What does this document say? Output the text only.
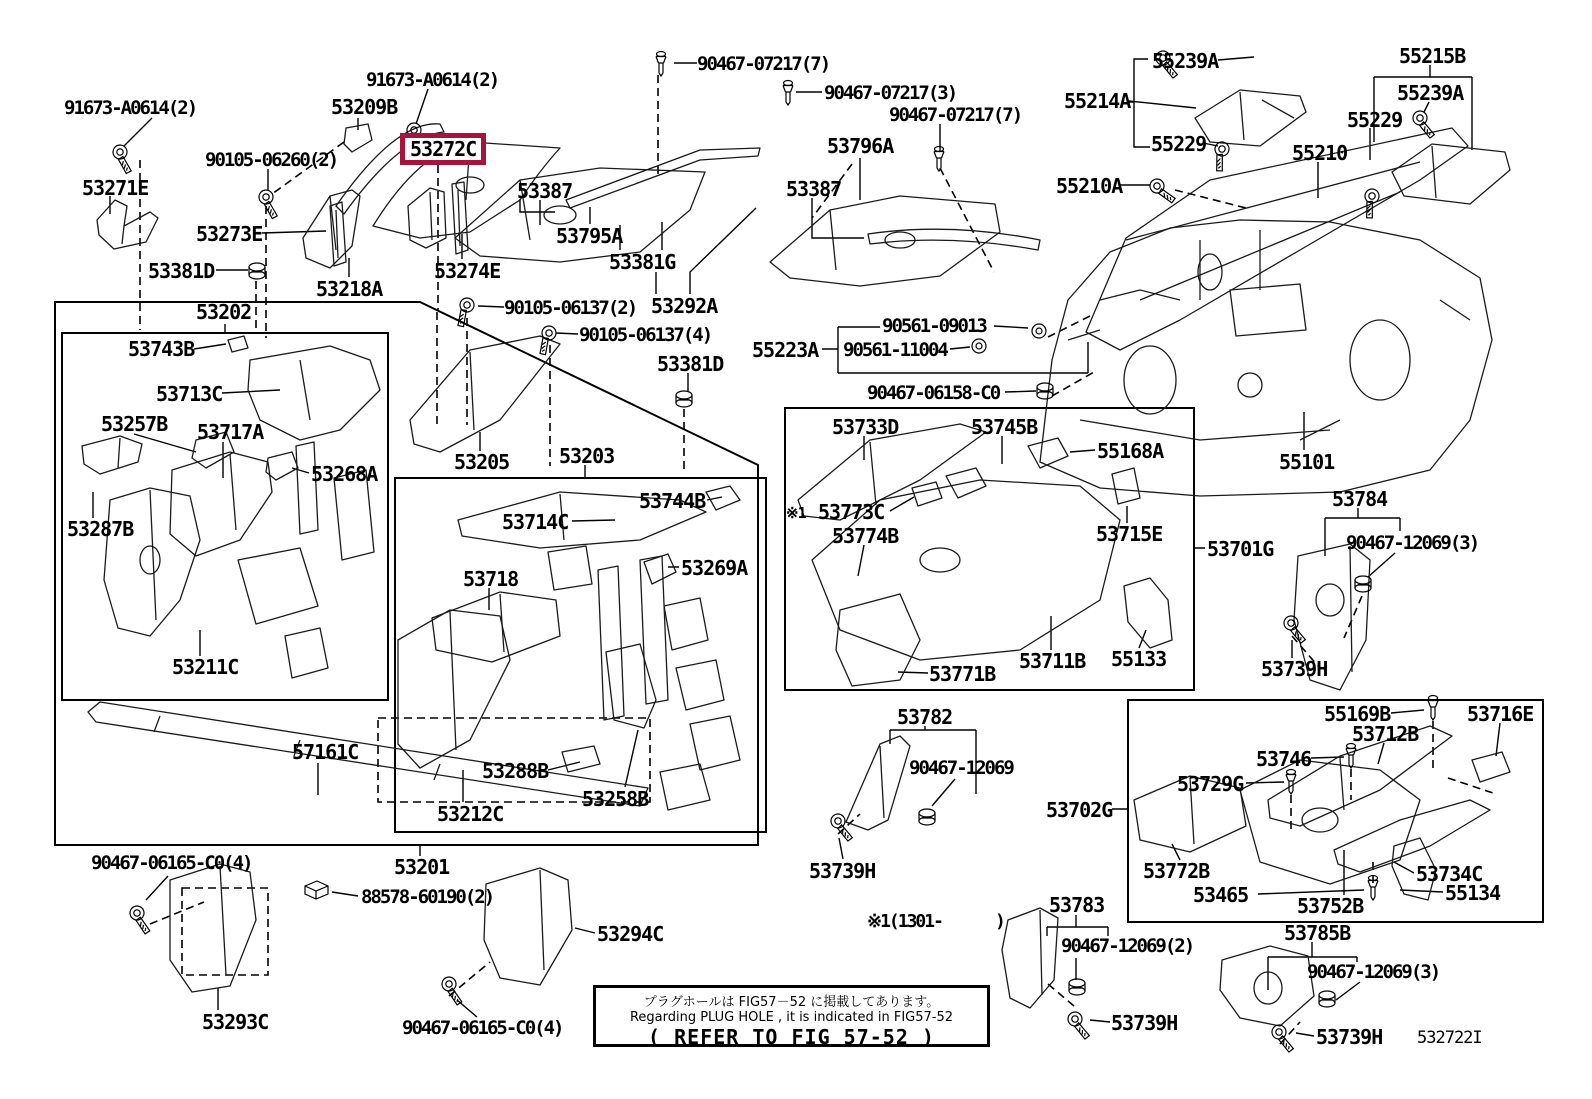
91673-A0614(2)
53271E
90105-06260(2)
53273E
53381D
53209B
91673-A0614(2)
53272C
53218A
53274E
53387
53795A
53381G
53292A
90467-07217(7)
90467-07217(3)
90467-07217(7)
53796A
53387
55214A
55239A
55229
55210A
55210
55215B
55239A
55229
90105-06137(2)
90105-06137(4)
53202
53743B
53713C
53257B 53717A
53268A
53287B
53211C
53205 53203
53381D
55223A
90561-09013
90561-11004
90467-06158-C0
53744B
53714C
53269A
53718
53733D	53745B
55168A
※1 53773C
53774B	53715E
53701G
55101
53784
90467-12069(3)
53739H
53771B
53711B 55133
57161C
53288B
53258B
53212C
53201
90467-06165-C0(4)
88578-60190(2)
53293C
53294C
90467-06165-C0(4)
53782
90467-12069
53739H
※1(1301-      )
53702G
55169B
53712B
53716E
53746
53729G
53772B
53465 53752B
53734C
55134
53783
90467-12069(2)
53739H
53785B
90467-12069(3)
53739H 532722I
プラグホールは FIG57－52 に掲載してあります。
Regarding PLUG HOLE , it is indicated in FIG57-52
( REFER TO FIG 57-52 )
